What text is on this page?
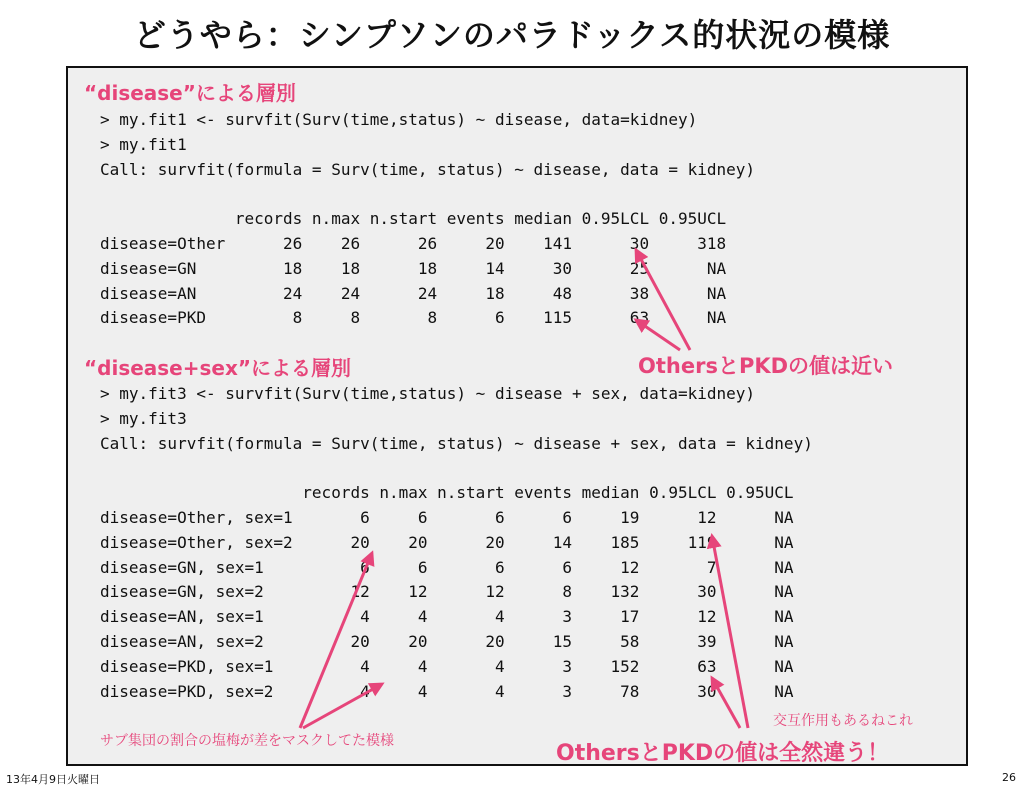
どうやら：シンプソンのパラドックス的状況の模様
“disease”による層別
> my.fit1 <- survfit(Surv(time,status) ~ disease, data=kidney)
> my.fit1
Call: survfit(formula = Surv(time, status) ~ disease, data = kidney)

records n.max n.start events median 0.95LCL 0.95UCL
disease=Other      26    26      26     20    141      30     318
disease=GN         18    18      18     14     30      25      NA
disease=AN         24    24      24     18     48      38      NA
disease=PKD         8     8       8      6    115      63      NA
“disease+sex”による層別
> my.fit3 <- survfit(Surv(time,status) ~ disease + sex, data=kidney)
> my.fit3
Call: survfit(formula = Surv(time, status) ~ disease + sex, data = kidney)

records n.max n.start events median 0.95LCL 0.95UCL
disease=Other, sex=1       6     6       6      6     19      12      NA
disease=Other, sex=2      20    20      20     14    185     119      NA
disease=GN, sex=1          6     6       6      6     12       7      NA
disease=GN, sex=2         12    12      12      8    132      30      NA
disease=AN, sex=1          4     4       4      3     17      12      NA
disease=AN, sex=2         20    20      20     15     58      39      NA
disease=PKD, sex=1         4     4       4      3    152      63      NA
disease=PKD, sex=2         4     4       4      3     78      30      NA
OthersとPKDの値は近い
OthersとPKDの値は全然違う！
交互作用もあるねこれ
サブ集団の割合の塩梅が差をマスクしてた模様
13年4月9日火曜日	26
